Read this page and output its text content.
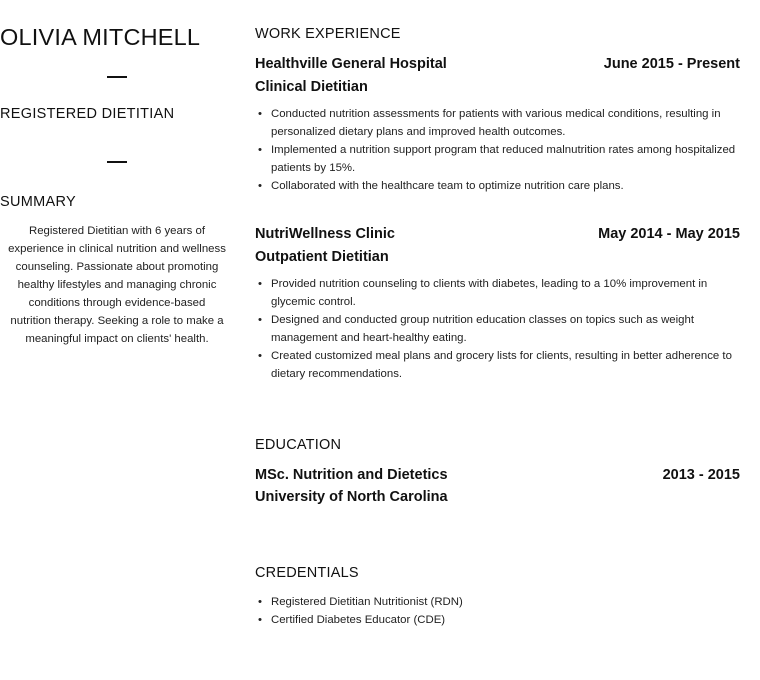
OLIVIA MITCHELL
REGISTERED DIETITIAN
SUMMARY
Registered Dietitian with 6 years of experience in clinical nutrition and wellness counseling. Passionate about promoting healthy lifestyles and managing chronic conditions through evidence-based nutrition therapy. Seeking a role to make a meaningful impact on clients' health.
WORK EXPERIENCE
Healthville General Hospital	June 2015 - Present
Clinical Dietitian
• Conducted nutrition assessments for patients with various medical conditions, resulting in personalized dietary plans and improved health outcomes.
• Implemented a nutrition support program that reduced malnutrition rates among hospitalized patients by 15%.
• Collaborated with the healthcare team to optimize nutrition care plans.
NutriWellness Clinic	May 2014 - May 2015
Outpatient Dietitian
• Provided nutrition counseling to clients with diabetes, leading to a 10% improvement in glycemic control.
• Designed and conducted group nutrition education classes on topics such as weight management and heart-healthy eating.
• Created customized meal plans and grocery lists for clients, resulting in better adherence to dietary recommendations.
EDUCATION
MSc. Nutrition and Dietetics	2013 - 2015
University of North Carolina
CREDENTIALS
• Registered Dietitian Nutritionist (RDN)
• Certified Diabetes Educator (CDE)
